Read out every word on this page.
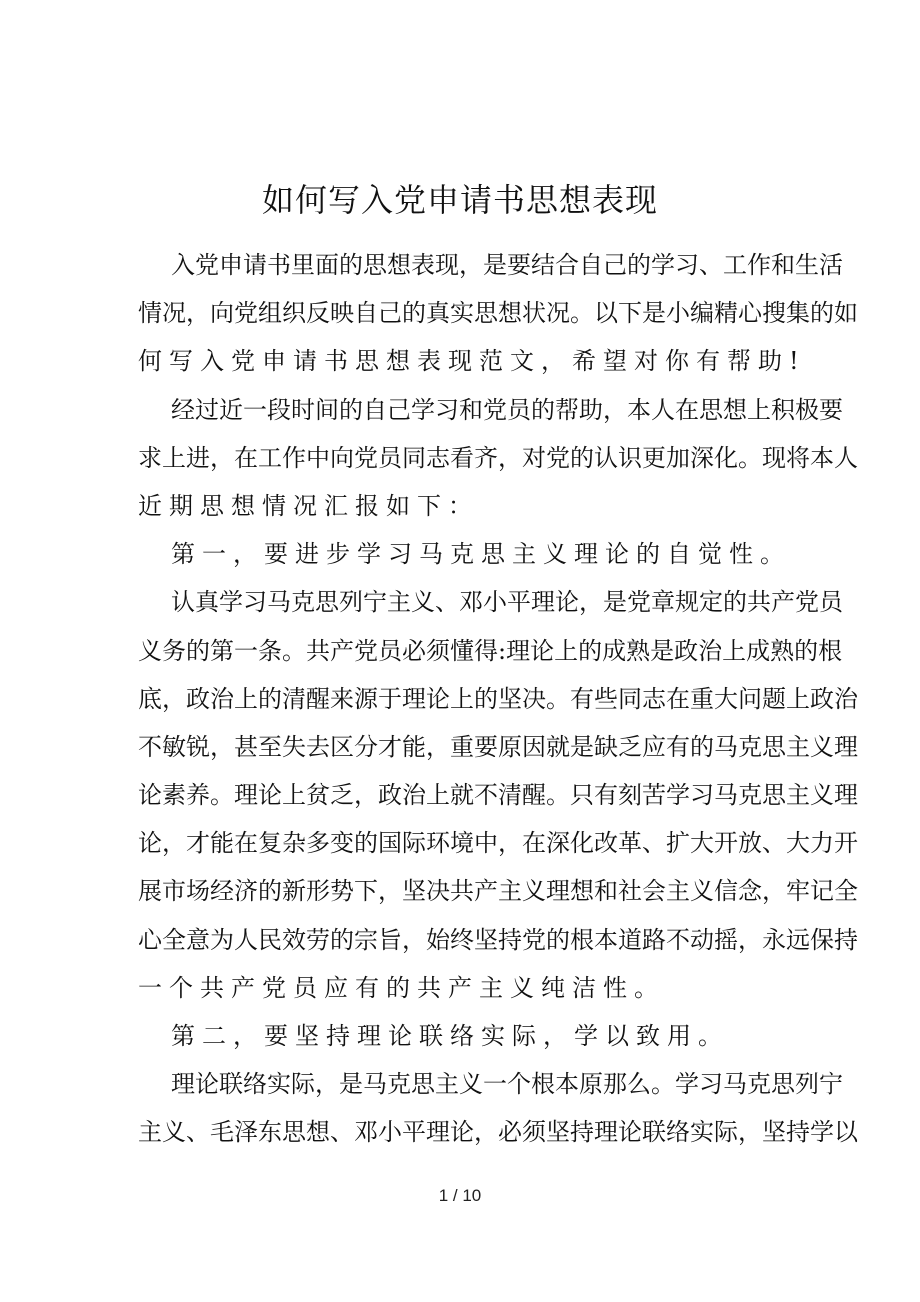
如何写入党申请书思想表现
入党申请书里面的思想表现，是要结合自己的学习、工作和生活
情况，向党组织反映自己的真实思想状况。以下是小编精心搜集的如
何写入党申请书思想表现范文，希望对你有帮助!
经过近一段时间的自己学习和党员的帮助，本人在思想上积极要
求上进，在工作中向党员同志看齐，对党的认识更加深化。现将本人
近期思想情况汇报如下：
第一，要进步学习马克思主义理论的自觉性。
认真学习马克思列宁主义、邓小平理论，是党章规定的共产党员
义务的第一条。共产党员必须懂得:理论上的成熟是政治上成熟的根
底，政治上的清醒来源于理论上的坚决。有些同志在重大问题上政治
不敏锐，甚至失去区分才能，重要原因就是缺乏应有的马克思主义理
论素养。理论上贫乏，政治上就不清醒。只有刻苦学习马克思主义理
论，才能在复杂多变的国际环境中，在深化改革、扩大开放、大力开
展市场经济的新形势下，坚决共产主义理想和社会主义信念，牢记全
心全意为人民效劳的宗旨，始终坚持党的根本道路不动摇，永远保持
一个共产党员应有的共产主义纯洁性。
第二，要坚持理论联络实际，学以致用。
理论联络实际，是马克思主义一个根本原那么。学习马克思列宁
主义、毛泽东思想、邓小平理论，必须坚持理论联络实际，坚持学以
1 / 10
